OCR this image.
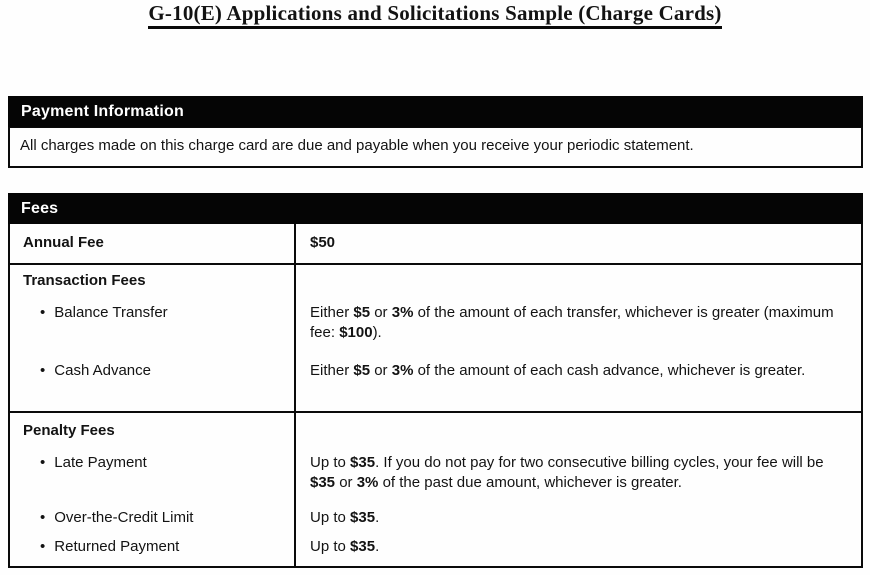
G-10(E) Applications and Solicitations Sample (Charge Cards)
Payment Information
All charges made on this charge card are due and payable when you receive your periodic statement.
Fees
Annual Fee	$50
Transaction Fees
• Balance Transfer	Either $5 or 3% of the amount of each transfer, whichever is greater (maximum fee: $100).
• Cash Advance	Either $5 or 3% of the amount of each cash advance, whichever is greater.
Penalty Fees
• Late Payment	Up to $35. If you do not pay for two consecutive billing cycles, your fee will be $35 or 3% of the past due amount, whichever is greater.
• Over-the-Credit Limit	Up to $35.
• Returned Payment	Up to $35.
